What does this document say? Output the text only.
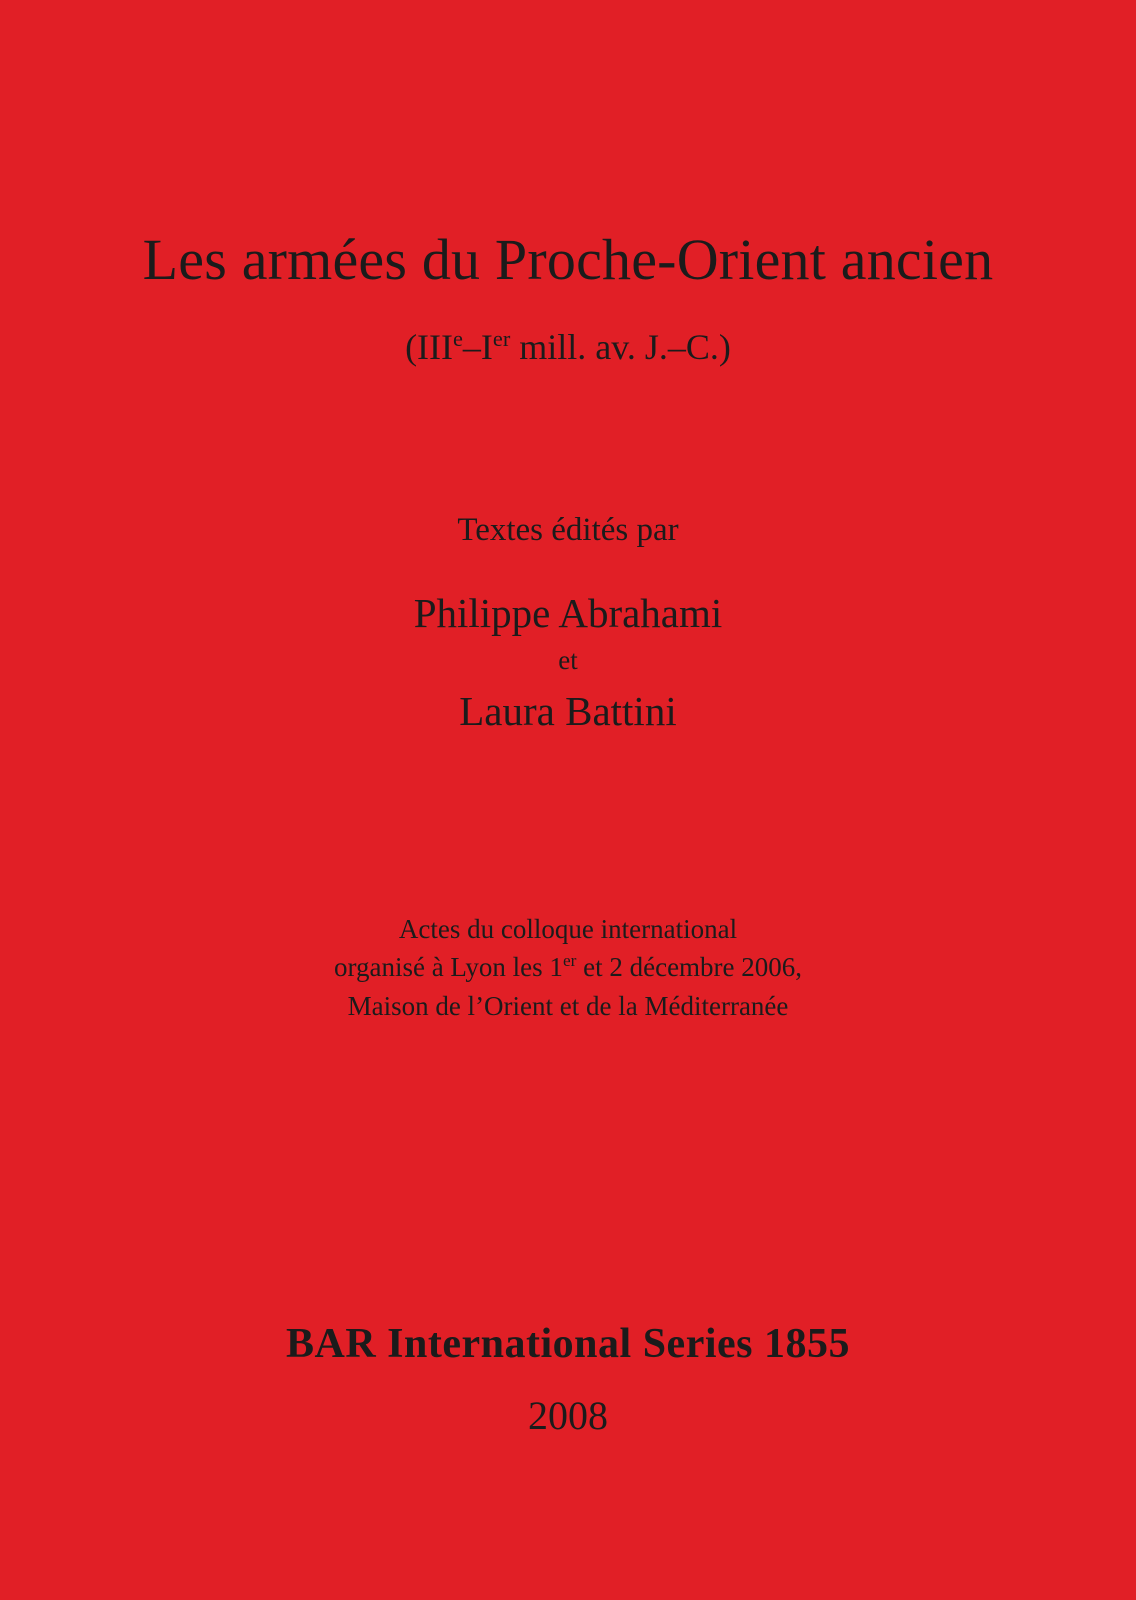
Les armées du Proche-Orient ancien
(IIIe–Ier mill. av. J.–C.)
Textes édités par
Philippe Abrahami
et
Laura Battini
Actes du colloque international
organisé à Lyon les 1er et 2 décembre 2006,
Maison de l’Orient et de la Méditerranée
BAR International Series 1855
2008
